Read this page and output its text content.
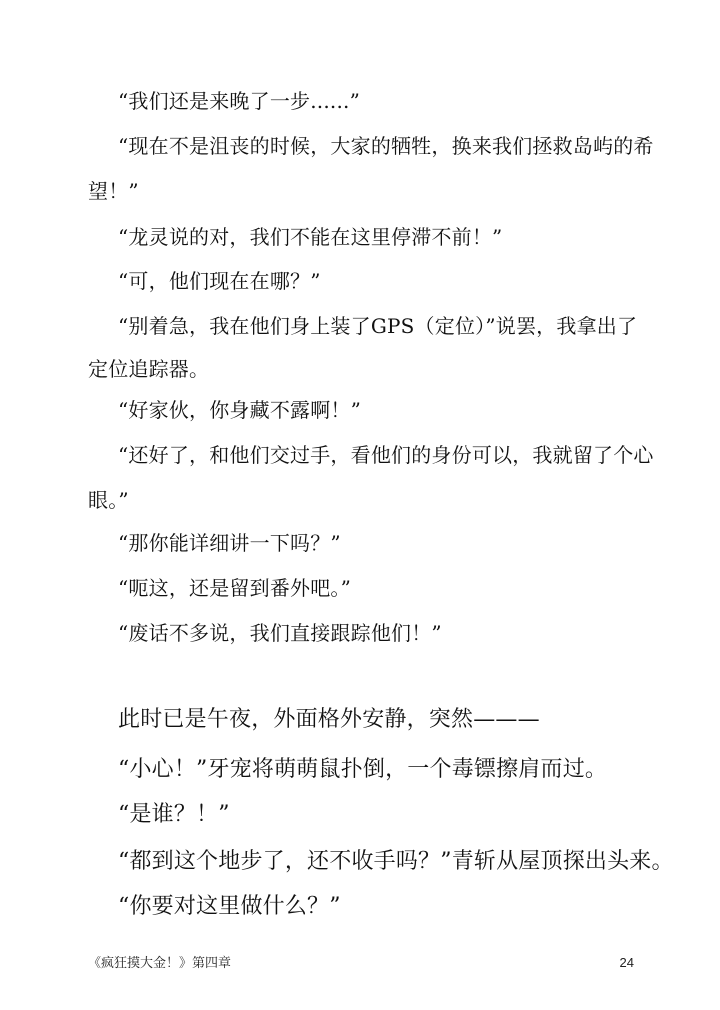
“我们还是来晚了一步......”
“现在不是沮丧的时候，大家的牺牲，换来我们拯救岛屿的希
望！”
“龙灵说的对，我们不能在这里停滞不前！”
“可，他们现在在哪？”
“别着急，我在他们身上装了GPS（定位）”说罢，我拿出了
定位追踪器。
“好家伙，你身藏不露啊！”
“还好了，和他们交过手，看他们的身份可以，我就留了个心
眼。”
“那你能详细讲一下吗？”
“呃这，还是留到番外吧。”
“废话不多说，我们直接跟踪他们！”
此时已是午夜，外面格外安静，突然———
“小心！”牙宠将萌萌鼠扑倒，一个毒镖擦肩而过。
“是谁？！”
“都到这个地步了，还不收手吗？”青斩从屋顶探出头来。
“你要对这里做什么？”
《疯狂摸大金！》第四章	24
